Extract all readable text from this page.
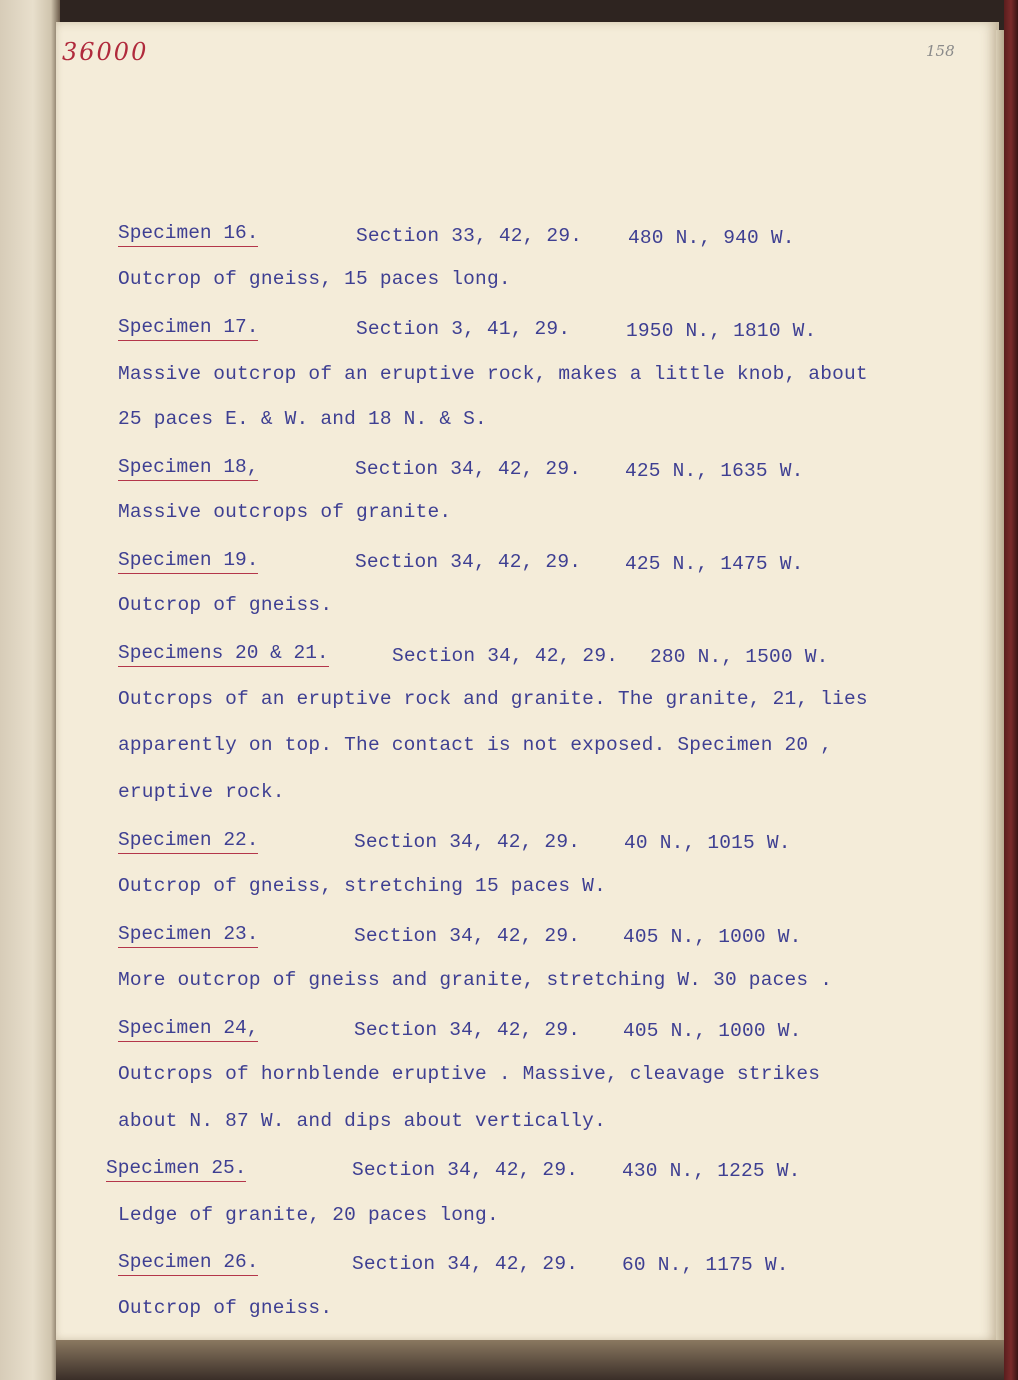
36000	158
Specimen 16.	Section 33, 42, 29. 480 N., 940 W.
Outcrop of gneiss, 15 paces long.
Specimen 17.	Section 3, 41, 29.	1950 N., 1810 W.
Massive outcrop of an eruptive rock, makes a little knob, about
25 paces E. & W. and 18 N. & S.
Specimen 18,	Section 34, 42, 29. 425 N., 1635 W.
Massive outcrops of granite.
Specimen 19.	Section 34, 42, 29. 425 N., 1475 W.
Outcrop of gneiss.
Specimens 20 & 21.	Section 34, 42, 29. 280 N., 1500 W.
Outcrops of an eruptive rock and granite. The granite, 21, lies
apparently on top. The contact is not exposed. Specimen 20 ,
eruptive rock.
Specimen 22.	Section 34, 42, 29. 40 N., 1015 W.
Outcrop of gneiss, stretching 15 paces W.
Specimen 23.	Section 34, 42, 29. 405 N., 1000 W.
More outcrop of gneiss and granite, stretching W. 30 paces .
Specimen 24,	Section 34, 42, 29. 405 N., 1000 W.
Outcrops of hornblende eruptive . Massive, cleavage strikes
about N. 87 W. and dips about vertically.
Specimen 25.	Section 34, 42, 29. 430 N., 1225 W.
Ledge of granite, 20 paces long.
Specimen 26.	Section 34, 42, 29. 60 N., 1175 W.
Outcrop of gneiss.
